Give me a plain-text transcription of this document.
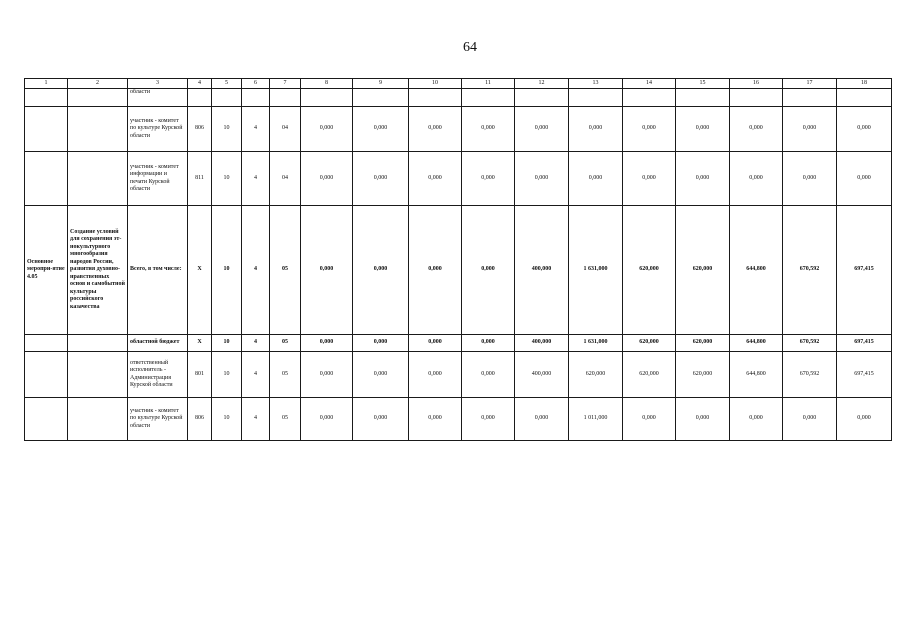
64
1	2	3	4	5	6	7	8	9	10	11	12	13	14	15	16	17	18
		области															
		участник - комитет по культуре Курской области	806	10	4	04	0,000	0,000	0,000	0,000	0,000	0,000	0,000	0,000	0,000	0,000	0,000
		участник - комитет информации и печати Курской области	811	10	4	04	0,000	0,000	0,000	0,000	0,000	0,000	0,000	0,000	0,000	0,000	0,000
Основное меропри-ятие 4.05	Создание условий для сохранения эт-нокультурного многообразия народов России, развития духовно-нравственных основ и самобытной культуры российского казачества	Всего, в том числе:	X	10	4	05	0,000	0,000	0,000	0,000	400,000	1 631,000	620,000	620,000	644,800	670,592	697,415
		областной бюджет	X	10	4	05	0,000	0,000	0,000	0,000	400,000	1 631,000	620,000	620,000	644,800	670,592	697,415
		ответственный исполнитель - Администрация Курской области	801	10	4	05	0,000	0,000	0,000	0,000	400,000	620,000	620,000	620,000	644,800	670,592	697,415
		участник - комитет по культуре Курской области	806	10	4	05	0,000	0,000	0,000	0,000	0,000	1 011,000	0,000	0,000	0,000	0,000	0,000
